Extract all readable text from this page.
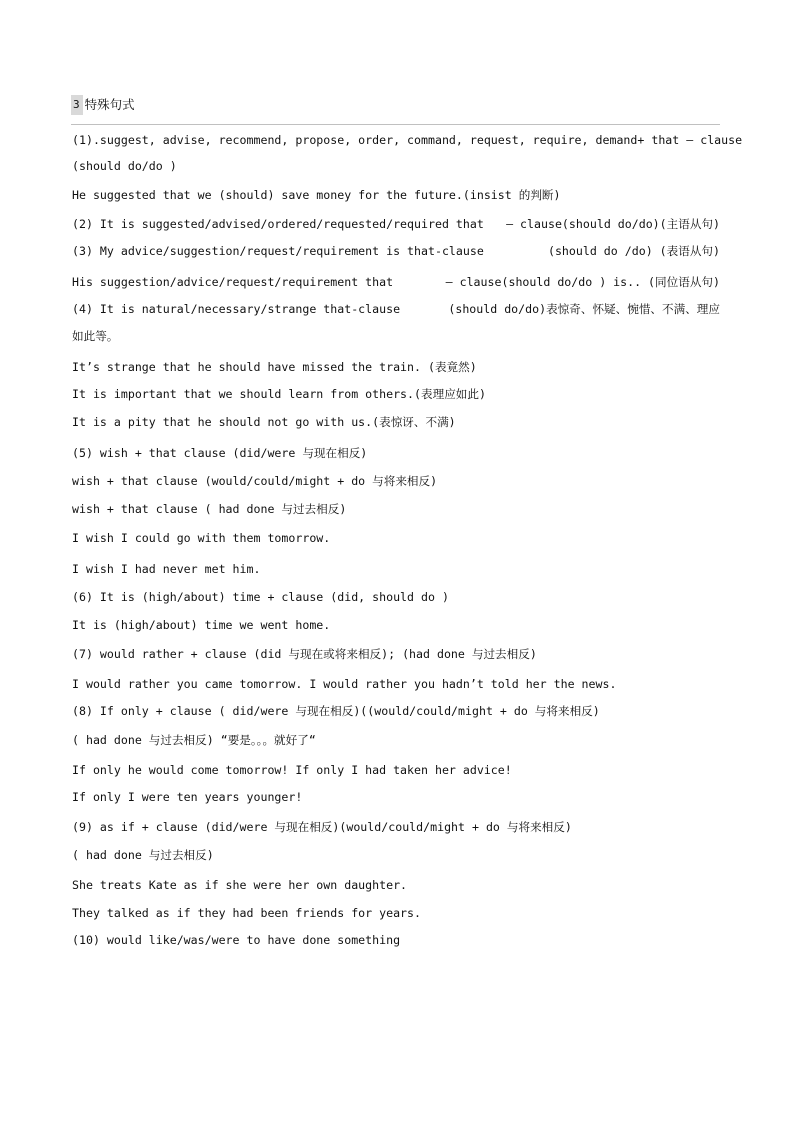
3 特殊句式
(1).suggest, advise, recommend, propose, order, command, request, require, demand + that – clause
(should do/do )
He suggested that we (should) save money for the future.(insist 的判断)
(2) It is suggested/advised/ordered/requested/required that – clause(should do/do)(主语从句)
(3) My advice/suggestion/request/requirement is that-clause	(should do /do) (表语从句)
His suggestion/advice/request/requirement that	– clause(should do/do ) is.. (同位语从句)
(4) It is natural/necessary/strange that-clause	(should do/do)表惊奇、怀疑、惋惜、不满、理应
如此等。
It’s strange that he should have missed the train. (表竟然)
It is important that we should learn from others.(表理应如此)
It is a pity that he should not go with us.(表惊讶、不满)
(5) wish + that clause (did/were 与现在相反)
wish + that clause (would/could/might + do 与将来相反)
wish + that clause ( had done 与过去相反)
I wish I could go with them tomorrow.
I wish I had never met him.
(6) It is (high/about) time + clause (did, should do )
It is (high/about) time we went home.
(7) would rather + clause (did 与现在或将来相反); (had done 与过去相反)
I would rather you came tomorrow. I would rather you hadn’t told her the news.
(8) If only + clause ( did/were 与现在相反)((would/could/might + do 与将来相反)
( had done 与过去相反) “要是。。。就好了“
If only he would come tomorrow! If only I had taken her advice!
If only I were ten years younger!
(9) as if + clause (did/were 与现在相反)(would/could/might + do 与将来相反)
( had done 与过去相反)
She treats Kate as if she were her own daughter.
They talked as if they had been friends for years.
(10) would like/was/were to have done something
